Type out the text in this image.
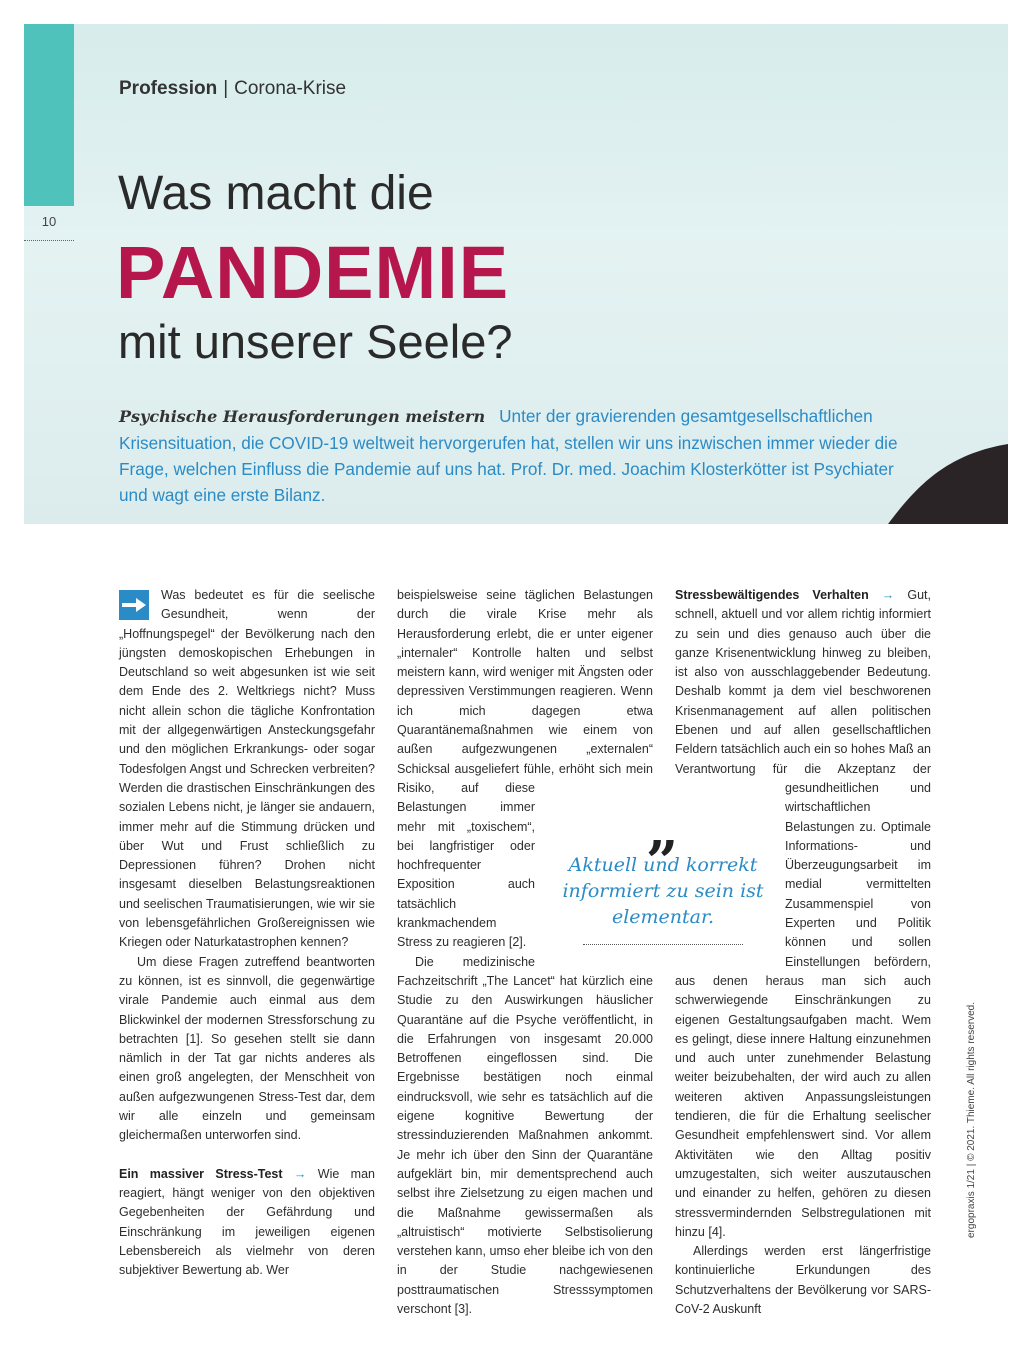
10
Profession | Corona-Krise
Was macht die
PANDEMIE
mit unserer Seele?
Psychische Herausforderungen meistern Unter der gravierenden gesamtgesellschaftlichen Krisensituation, die COVID-19 weltweit hervorgerufen hat, stellen wir uns inzwischen immer wieder die Frage, welchen Einfluss die Pandemie auf uns hat. Prof. Dr. med. Joachim Klosterkötter ist Psychiater und wagt eine erste Bilanz.

Was bedeutet es für die seelische Gesundheit, wenn der „Hoffnungspegel“ der Bevölkerung nach den jüngsten demoskopischen Erhebungen in Deutschland so weit abgesunken ist wie seit dem Ende des 2. Weltkriegs nicht? Muss nicht allein schon die tägliche Konfrontation mit der allgegenwärtigen Ansteckungsgefahr und den möglichen Erkrankungs- oder sogar Todesfolgen Angst und Schrecken verbreiten? Werden die drastischen Einschränkungen des sozialen Lebens nicht, je länger sie andauern, immer mehr auf die Stimmung drücken und über Wut und Frust schließlich zu Depressionen führen? Drohen nicht insgesamt dieselben Belastungsreaktionen und seelischen Traumatisierungen, wie wir sie von lebensgefährlichen Großereignissen wie Kriegen oder Naturkatastrophen kennen?

Um diese Fragen zutreffend beantworten zu können, ist es sinnvoll, die gegenwärtige virale Pandemie auch einmal aus dem Blickwinkel der modernen Stressforschung zu betrachten [1]. So gesehen stellt sie dann nämlich in der Tat gar nichts anderes als einen groß angelegten, der Menschheit von außen aufgezwungenen Stress-Test dar, dem wir alle einzeln und gemeinsam gleichermaßen unterworfen sind.

Ein massiver Stress-Test → Wie man reagiert, hängt weniger von den objektiven Gegebenheiten der Gefährdung und Einschränkung im jeweiligen eigenen Lebensbereich als vielmehr von deren subjektiver Bewertung ab. Wer

beispielsweise seine täglichen Belastungen durch die virale Krise mehr als Herausforderung erlebt, die er unter eigener „internaler“ Kontrolle halten und selbst meistern kann, wird weniger mit Ängsten oder depressiven Verstimmungen reagieren. Wenn ich mich dagegen etwa Quarantänemaßnahmen wie einem von außen aufgezwungenen „externalen“ Schicksal ausgeliefert fühle, erhöht sich mein Risiko, auf diese Belastungen immer mehr mit „toxischem“, bei langfristiger oder hochfrequenter Exposition auch tatsächlich krankmachendem Stress zu reagieren [2].

Die medizinische Fachzeitschrift „The Lancet“ hat kürzlich eine Studie zu den Auswirkungen häuslicher Quarantäne auf die Psyche veröffentlicht, in die Erfahrungen von insgesamt 20.000 Betroffenen eingeflossen sind. Die Ergebnisse bestätigen noch einmal eindrucksvoll, wie sehr es tatsächlich auf die eigene kognitive Bewertung der stressinduzierenden Maßnahmen ankommt. Je mehr ich über den Sinn der Quarantäne aufgeklärt bin, mir dementsprechend auch selbst ihre Zielsetzung zu eigen machen und die Maßnahme gewissermaßen als „altruistisch“ motivierte Selbstisolierung verstehen kann, umso eher bleibe ich von den in der Studie nachgewiesenen posttraumatischen Stresssymptomen verschont [3].

Stressbewältigendes Verhalten → Gut, schnell, aktuell und vor allem richtig informiert zu sein und dies genauso auch über die ganze Krisenentwicklung hinweg zu bleiben, ist also von ausschlaggebender Bedeutung. Deshalb kommt ja dem viel beschworenen Krisenmanagement auf allen politischen Ebenen und auf allen gesellschaftlichen Feldern tatsächlich auch ein so hohes Maß an Verantwortung für die Akzeptanz der gesundheitlichen und wirtschaftlichen Belastungen zu. Optimale Informations- und Überzeugungsarbeit im medial vermittelten Zusammenspiel von Experten und Politik können und sollen Einstellungen befördern, aus denen heraus man sich auch schwerwiegende Einschränkungen zu eigenen Gestaltungsaufgaben macht. Wem es gelingt, diese innere Haltung einzunehmen und auch unter zunehmender Belastung weiter beizubehalten, der wird auch zu allen weiteren aktiven Anpassungsleistungen tendieren, die für die Erhaltung seelischer Gesundheit empfehlenswert sind. Vor allem Aktivitäten wie den Alltag positiv umzugestalten, sich weiter auszutauschen und einander zu helfen, gehören zu diesen stressvermindernden Selbstregulationen mit hinzu [4].

Allerdings werden erst längerfristige kontinuierliche Erkundungen des Schutzverhaltens der Bevölkerung vor SARS-CoV-2 Auskunft

„
Aktuell und korrekt informiert zu sein ist elementar.
ergopraxis 1/21 | © 2021. Thieme. All rights reserved.
